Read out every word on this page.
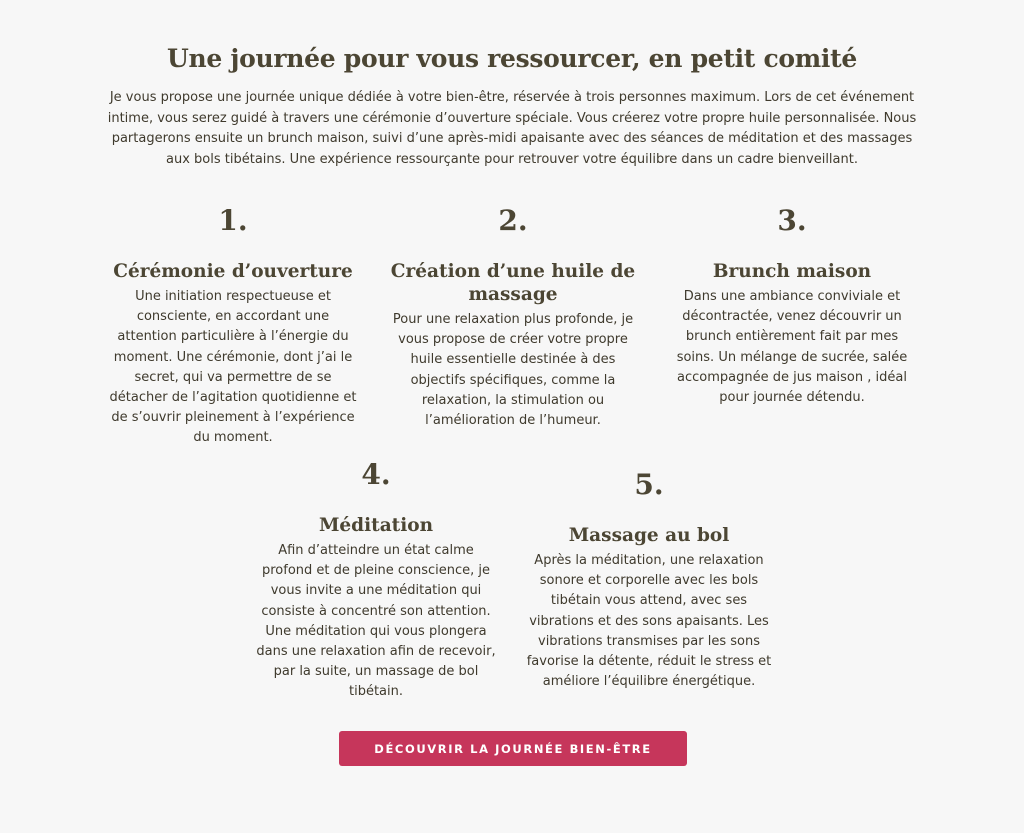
Une journée pour vous ressourcer, en petit comité

Je vous propose une journée unique dédiée à votre bien-être, réservée à trois personnes maximum. Lors de cet événement intime, vous serez guidé à travers une cérémonie d’ouverture spéciale. Vous créerez votre propre huile personnalisée. Nous partagerons ensuite un brunch maison, suivi d’une après-midi apaisante avec des séances de méditation et des massages aux bols tibétains. Une expérience ressourçante pour retrouver votre équilibre dans un cadre bienveillant.

1.
Cérémonie d’ouverture

Une initiation respectueuse et consciente, en accordant une attention particulière à l’énergie du moment. Une cérémonie, dont j’ai le secret, qui va permettre de se détacher de l’agitation quotidienne et de s’ouvrir pleinement à l’expérience du moment.

2.
Création d’une huile de massage

Pour une relaxation plus profonde, je vous propose de créer votre propre huile essentielle destinée à des objectifs spécifiques, comme la relaxation, la stimulation ou l’amélioration de l’humeur.

3.
Brunch maison

Dans une ambiance conviviale et décontractée, venez découvrir un brunch entièrement fait par mes soins. Un mélange de sucrée, salée accompagnée de jus maison , idéal pour journée détendu.

4.
Méditation

Afin d’atteindre un état calme profond et de pleine conscience, je vous invite a une méditation qui consiste à concentré son attention. Une méditation qui vous plongera dans une relaxation afin de recevoir, par la suite, un massage de bol tibétain.

5.
Massage au bol

Après la méditation, une relaxation sonore et corporelle avec les bols tibétain vous attend, avec ses vibrations et des sons apaisants. Les vibrations transmises par les sons favorise la détente, réduit le stress et améliore l’équilibre énergétique.

DÉCOUVRIR LA JOURNÉE BIEN-ÊTRE
